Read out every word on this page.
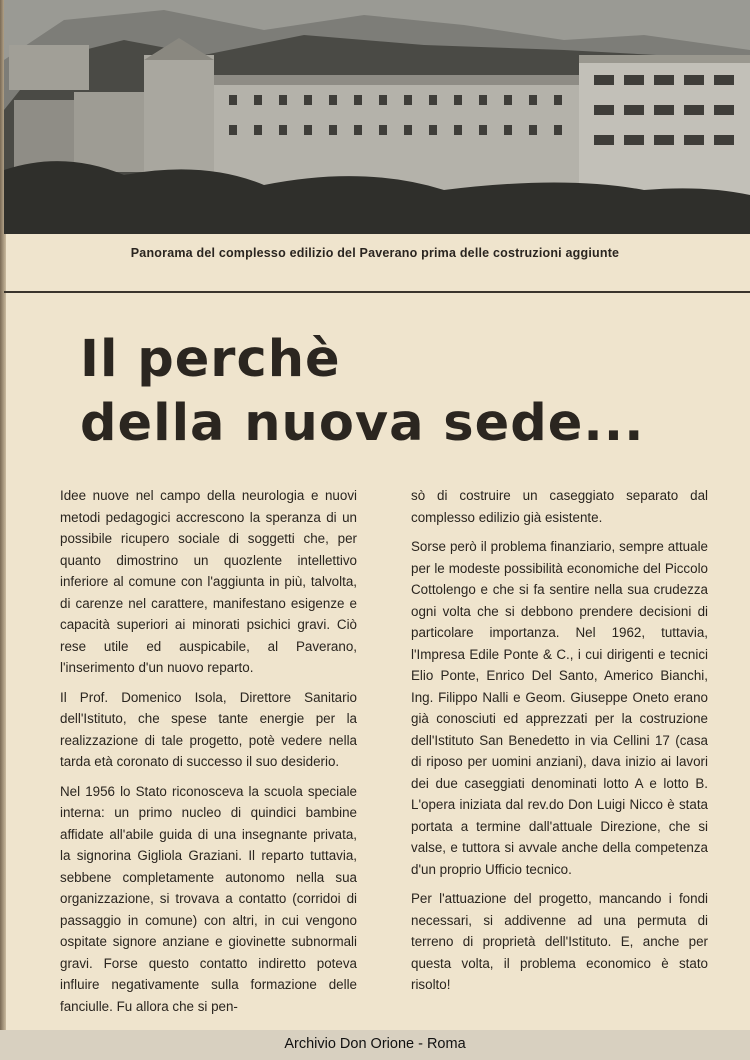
Panorama del complesso edilizio del Paverano prima delle costruzioni aggiunte
Il perchè
della nuova sede...

Idee nuove nel campo della neurologia e nuovi metodi pedagogici accrescono la speranza di un possibile ricupero sociale di soggetti che, per quanto dimostrino un quozlente intellettivo inferiore al comune con l'aggiunta in più, talvolta, di carenze nel carattere, manifestano esigenze e capacità superiori ai minorati psichici gravi. Ciò rese utile ed auspicabile, al Paverano, l'inserimento d'un nuovo reparto.

Il Prof. Domenico Isola, Direttore Sanitario dell'Istituto, che spese tante energie per la realizzazione di tale progetto, potè vedere nella tarda età coronato di successo il suo desiderio.

Nel 1956 lo Stato riconosceva la scuola speciale interna: un primo nucleo di quindici bambine affidate all'abile guida di una insegnante privata, la signorina Gigliola Graziani. Il reparto tuttavia, sebbene completamente autonomo nella sua organizzazione, si trovava a contatto (corridoi di passaggio in comune) con altri, in cui vengono ospitate signore anziane e giovinette subnormali gravi. Forse questo contatto indiretto poteva influire negativamente sulla formazione delle fanciulle. Fu allora che si pen-

sò di costruire un caseggiato separato dal complesso edilizio già esistente.

Sorse però il problema finanziario, sempre attuale per le modeste possibilità economiche del Piccolo Cottolengo e che si fa sentire nella sua crudezza ogni volta che si debbono prendere decisioni di particolare importanza. Nel 1962, tuttavia, l'Impresa Edile Ponte & C., i cui dirigenti e tecnici Elio Ponte, Enrico Del Santo, Americo Bianchi, Ing. Filippo Nalli e Geom. Giuseppe Oneto erano già conosciuti ed apprezzati per la costruzione dell'Istituto San Benedetto in via Cellini 17 (casa di riposo per uomini anziani), dava inizio ai lavori dei due caseggiati denominati lotto A e lotto B. L'opera iniziata dal rev.do Don Luigi Nicco è stata portata a termine dall'attuale Direzione, che si valse, e tuttora si avvale anche della competenza d'un proprio Ufficio tecnico.

Per l'attuazione del progetto, mancando i fondi necessari, si addivenne ad una permuta di terreno di proprietà dell'Istituto. E, anche per questa volta, il problema economico è stato risolto!

Archivio Don Orione - Roma
